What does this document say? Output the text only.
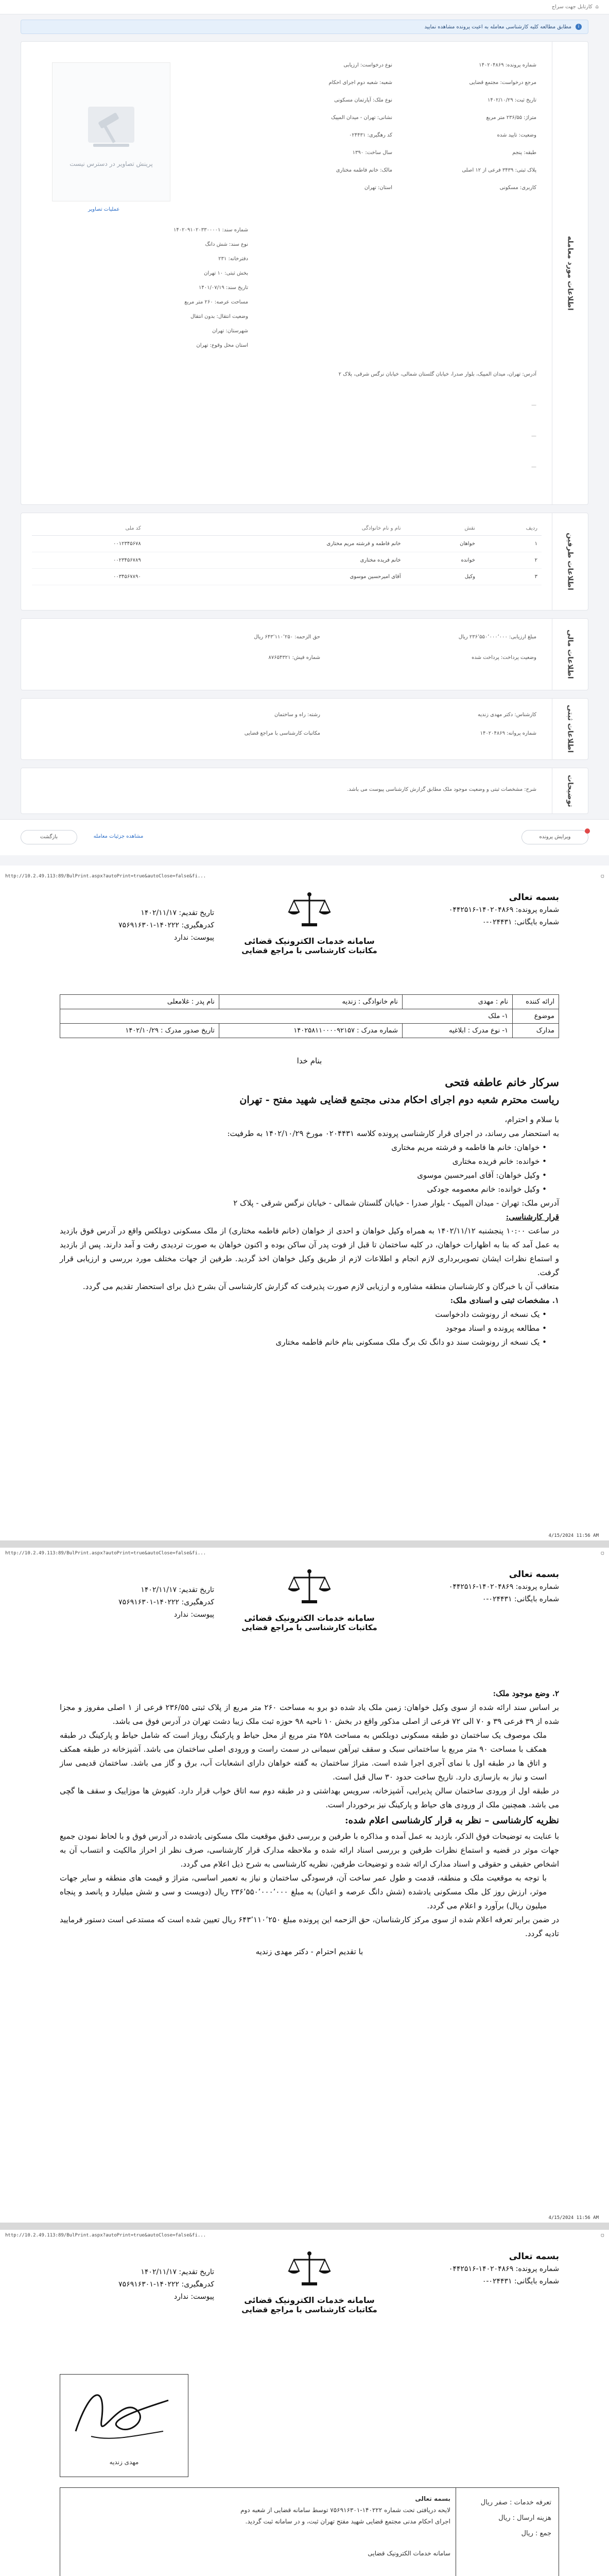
⌂
کارتابل جهت سراج
i
مطابق مطالعه کلیه کارشناسی معامله به اعیت پرونده مشاهده نمایید
اطلاعات مورد معامله
پرینش تصاویر در دسترس نیست
عملیات تصاویر
شماره پرونده: ۱۴۰۲۰۴۸۶۹
نوع درخواست: ارزیابی
مرجع درخواست: مجتمع قضایی
شعبه: شعبه دوم اجرای احکام
تاریخ ثبت: ۱۴۰۲/۱۰/۲۹
نوع ملک: آپارتمان مسکونی
متراژ: ۲۳۶/۵۵ متر مربع
نشانی: تهران - میدان المپیک
وضعیت: تایید شده
کد رهگیری: ۰۲۴۴۳۱
طبقه: پنجم
سال ساخت: ۱۳۹۰
پلاک ثبتی: ۳۴۳۹ فرعی از ۱۲ اصلی
مالک: خانم فاطمه مختاری
کاربری: مسکونی
استان: تهران
شماره سند: ۱۴۰۲۰۹۱۰۲۰۳۳۰۰۰۰۱
نوع سند: شش دانگ
دفترخانه: ۲۳۱
بخش ثبتی: ۱۰ تهران
تاریخ سند: ۱۴۰۱/۰۷/۱۹
مساحت عرصه: ۲۶۰ متر مربع
وضعیت انتقال: بدون انتقال
شهرستان: تهران
استان محل وقوع: تهران
آدرس: تهران، میدان المپیک، بلوار صدرا، خیابان گلستان شمالی، خیابان نرگس شرقی، پلاک ۲
—
—
—
اطلاعات طرفین
ردیف	نقش	نام و نام خانوادگی	کد ملی
۱	خواهان	خانم فاطمه و فرشته مریم مختاری	۰۰۱۲۳۴۵۶۷۸
۲	خوانده	خانم فریده مختاری	۰۰۲۳۴۵۶۷۸۹
۳	وکیل	آقای امیرحسین موسوی	۰۰۳۴۵۶۷۸۹۰
اطلاعات مالی
مبلغ ارزیابی: ۲۳۶٬۵۵۰٬۰۰۰٬۰۰۰ ریال
حق الزحمه: ۶۴۳٬۱۱۰٬۲۵۰ ریال
وضعیت پرداخت: پرداخت شده
شماره فیش: ۸۷۶۵۴۳۲۱
اطلاعات ثبتی
کارشناس: دکتر مهدی زندیه
رشته: راه و ساختمان
شماره پروانه: ۱۴۰۲۰۴۸۶۹
مکاتبات کارشناسی با مراجع قضایی
توضیحات
شرح: مشخصات ثبتی و وضعیت موجود ملک مطابق گزارش کارشناسی پیوست می باشد.
بازگشت	مشاهده جزئیات معامله	ویرایش پرونده
http://10.2.49.113:89/BulPrint.aspx?autoPrint=true&autoClose=false&fi...	▢
بسمه تعالی
شماره پرونده: ۱۴۰۲۰۴۸۶۹-۰۴۴۲۵۱۶
شماره بایگانی: ۰۲۴۴۳۱-۰
سامانه خدمات الکترونیک قضائی
مکاتبات کارشناسی با مراجع قضایی
تاریخ تقدیم: ۱۴۰۲/۱۱/۱۷
کدرهگیری: ۱۴۰۲۲۲-۷۵۶۹۱۶۳۰۱
پیوست: ندارد
ارائه کننده	نام : مهدی	نام خانوادگی : زندیه	نام پدر : غلامعلی
موضوع	۱- ملک		
مدارک	۱- نوع مدرک : ابلاغیه	شماره مدرک : ۱۴۰۲۵۸۱۱۰۰۰۰۹۲۱۵۷	تاریخ صدور مدرک : ۱۴۰۲/۱۰/۲۹
بنام خدا
سرکار خانم عاطفه فتحی
ریاست محترم شعبه دوم اجرای احکام مدنی مجتمع قضایی شهید مفتح - تهران

با سلام و احترام،

به استحضار می رساند، در اجرای قرار کارشناسی پرونده کلاسه ۰۲۰۴۴۳۱ مورخ ۱۴۰۲/۱۰/۲۹ به طرفیت:

• خواهان: خانم ها فاطمه و فرشته مریم مختاری
• خوانده: خانم فریده مختاری
• وکیل خواهان: آقای امیرحسین موسوی
• وکیل خوانده: خانم معصومه جودکی

آدرس ملک: تهران - میدان المپیک - بلوار صدرا - خیابان گلستان شمالی - خیابان نرگس شرقی - پلاک ۲

قرار کارشناسی:

در ساعت ۱۰:۰۰ پنجشنبه ۱۴۰۲/۱۱/۱۲ به همراه وکیل خواهان و احدی از خواهان (خانم فاطمه مختاری) از ملک مسکونی دوبلکس واقع در آدرس فوق بازدید به عمل آمد که بنا به اظهارات خواهان، در کلیه ساختمان تا قبل از فوت پدر آن ساکن بوده و اکنون خواهان به صورت تردیدی رفت و آمد دارند. پس از بازدید و استماع نظرات ایشان تصویربرداری لازم انجام و اطلاعات لازم از طریق وکیل خواهان اخذ گردید. طرفین از جهات مختلف مورد بررسی و ارزیابی قرار گرفت.

متعاقب آن با خبرگان و کارشناسان منطقه مشاوره و ارزیابی لازم صورت پذیرفت که گزارش کارشناسی آن بشرح ذیل برای استحضار تقدیم می گردد.

۱. مشخصات ثبتی و اسنادی ملک:

• یک نسخه از رونوشت دادخواست
• مطالعه پرونده و اسناد موجود
• یک نسخه از رونوشت سند دو دانگ تک برگ ملک مسکونی بنام خانم فاطمه مختاری
4/15/2024 11:56 AM
http://10.2.49.113:89/BulPrint.aspx?autoPrint=true&autoClose=false&fi...	▢
بسمه تعالی
شماره پرونده: ۱۴۰۲۰۴۸۶۹-۰۴۴۲۵۱۶
شماره بایگانی: ۰۲۴۴۳۱-۰
سامانه خدمات الکترونیک قضائی
مکاتبات کارشناسی با مراجع قضایی
تاریخ تقدیم: ۱۴۰۲/۱۱/۱۷
کدرهگیری: ۱۴۰۲۲۲-۷۵۶۹۱۶۳۰۱
پیوست: ندارد

۲. وضع موجود ملک:

بر اساس سند ارائه شده از سوی وکیل خواهان: زمین ملک یاد شده دو برو به مساحت ۲۶۰ متر مربع از پلاک ثبتی ۲۳۶/۵۵ فرعی از ۱ اصلی مفروز و مجزا شده از ۳۹ فرعی ۳۹ و ۷۰ الی ۷۲ فرعی از اصلی مذکور واقع در بخش ۱۰ ناحیه ۹۸ حوزه ثبت ملک زیبا دشت تهران در آدرس فوق می باشد.

ملک موصوف یک ساختمان دو طبقه مسکونی دوبلکس به مساحت ۲۵۸ متر مربع از محل حیاط و پارکینگ روباز است که شامل حیاط و پارکینگ در طبقه همکف با مساحت ۹۰ متر مربع با ساختمانی سبک و سقف تیرآهن سیمانی در سمت راست و ورودی اصلی ساختمان می باشد. آشپزخانه در طبقه همکف و اتاق ها در طبقه اول با نمای آجری اجرا شده است. متراژ ساختمان به گفته خواهان دارای انشعابات آب، برق و گاز می باشد. ساختمان قدیمی ساز است و نیاز به بازسازی دارد. تاریخ ساخت حدود ۳۰ سال قبل است.

در طبقه اول از ورودی ساختمان سالن پذیرایی، آشپزخانه، سرویس بهداشتی و در طبقه دوم سه اتاق خواب قرار دارد. کفپوش ها موزاییک و سقف ها گچی می باشد. همچنین ملک از ورودی های حیاط و پارکینگ نیز برخوردار است.

نظریه کارشناسی – نظر به قرار کارشناسی اعلام شده:

با عنایت به توضیحات فوق الذکر، بازدید به عمل آمده و مذاکره با طرفین و بررسی دقیق موقعیت ملک مسکونی یادشده در آدرس فوق و با لحاظ نمودن جمیع جهات موثر در قضیه و استماع نظرات طرفین و بررسی اسناد ارائه شده و ملاحظه مدارک قرار کارشناسی، صرف نظر از احراز مالکیت و انتساب آن به اشخاص حقیقی و حقوقی و اسناد مدارک ارائه شده و توضیحات طرفین، نظریه کارشناسی به شرح ذیل اعلام می گردد.

با توجه به موقعیت ملک و منطقه، قدمت و طول عمر ساخت آن، فرسودگی ساختمان و نیاز به تعمیر اساسی، متراژ و قیمت های منطقه و سایر جهات موثر، ارزش روز کل ملک مسکونی یادشده (شش دانگ عرصه و اعیان) به مبلغ ۲۳۶٬۵۵۰٬۰۰۰٬۰۰۰ ریال (دویست و سی و شش میلیارد و پانصد و پنجاه میلیون ریال) برآورد و اعلام می گردد.

در ضمن برابر تعرفه اعلام شده از سوی مرکز کارشناسان، حق الزحمه این پرونده مبلغ ۶۴۳٬۱۱۰٬۲۵۰ ریال تعیین شده است که مستدعی است دستور فرمایید تادیه گردد.

با تقدیم احترام - دکتر مهدی زندیه

4/15/2024 11:56 AM
http://10.2.49.113:89/BulPrint.aspx?autoPrint=true&autoClose=false&fi...	▢
بسمه تعالی
شماره پرونده: ۱۴۰۲۰۴۸۶۹-۰۴۴۲۵۱۶
شماره بایگانی: ۰۲۴۴۳۱-۰
سامانه خدمات الکترونیک قضائی
مکاتبات کارشناسی با مراجع قضایی
تاریخ تقدیم: ۱۴۰۲/۱۱/۱۷
کدرهگیری: ۱۴۰۲۲۲-۷۵۶۹۱۶۳۰۱
پیوست: ندارد
مهدی زندیه
تعرفه خدمات : صفر ریال
هزینه ارسال : ریال
جمع : ریال
بسمه تعالی
لایحه دریافتی تحت شماره ۱۴۰۲۲۲-۷۵۶۹۱۶۳۰۱ توسط سامانه قضایی از شعبه دوم اجرای احکام مدنی مجتمع قضایی شهید مفتح تهران ثبت، و در سامانه ثبت گردید.
سامانه خدمات الکترونیک قضایی
